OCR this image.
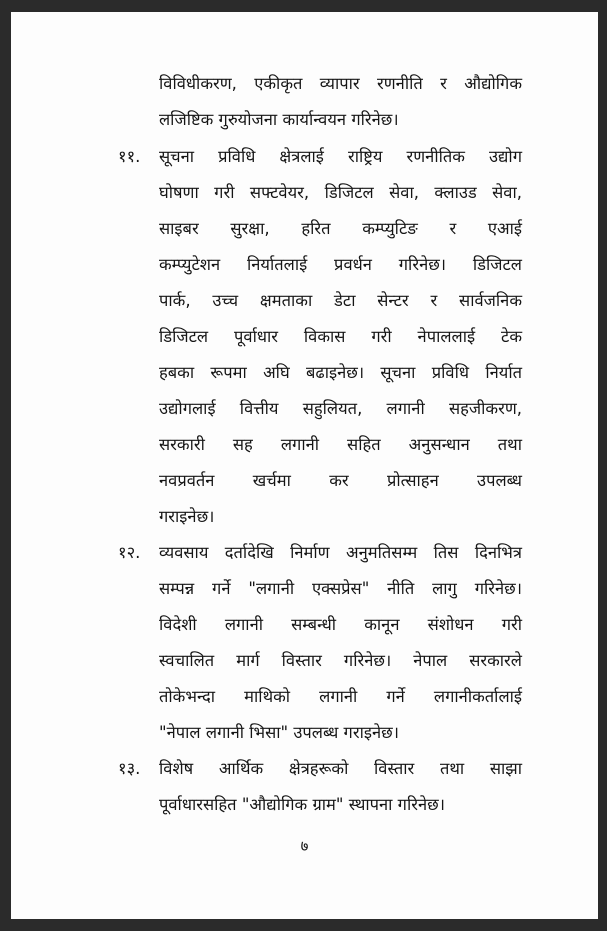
विविधीकरण, एकीकृत व्यापार रणनीति र औद्योगिक
लजिष्टिक गुरुयोजना कार्यान्वयन गरिनेछ।
११. सूचना प्रविधि क्षेत्रलाई राष्ट्रिय रणनीतिक उद्योग
घोषणा गरी सफ्टवेयर, डिजिटल सेवा, क्लाउड सेवा,
साइबर सुरक्षा, हरित कम्प्युटिङ र एआई
कम्प्युटेशन निर्यातलाई प्रवर्धन गरिनेछ। डिजिटल
पार्क, उच्च क्षमताका डेटा सेन्टर र सार्वजनिक
डिजिटल पूर्वाधार विकास गरी नेपाललाई टेक
हबका रूपमा अघि बढाइनेछ। सूचना प्रविधि निर्यात
उद्योगलाई वित्तीय सहुलियत, लगानी सहजीकरण,
सरकारी सह लगानी सहित अनुसन्धान तथा
नवप्रवर्तन खर्चमा कर प्रोत्साहन उपलब्ध
गराइनेछ।
१२. व्यवसाय दर्तादेखि निर्माण अनुमतिसम्म तिस दिनभित्र
सम्पन्न गर्ने "लगानी एक्सप्रेस" नीति लागु गरिनेछ।
विदेशी लगानी सम्बन्धी कानून संशोधन गरी
स्वचालित मार्ग विस्तार गरिनेछ। नेपाल सरकारले
तोकेभन्दा माथिको लगानी गर्ने लगानीकर्तालाई
"नेपाल लगानी भिसा" उपलब्ध गराइनेछ।
१३. विशेष आर्थिक क्षेत्रहरूको विस्तार तथा साझा
पूर्वाधारसहित "औद्योगिक ग्राम" स्थापना गरिनेछ।
७
